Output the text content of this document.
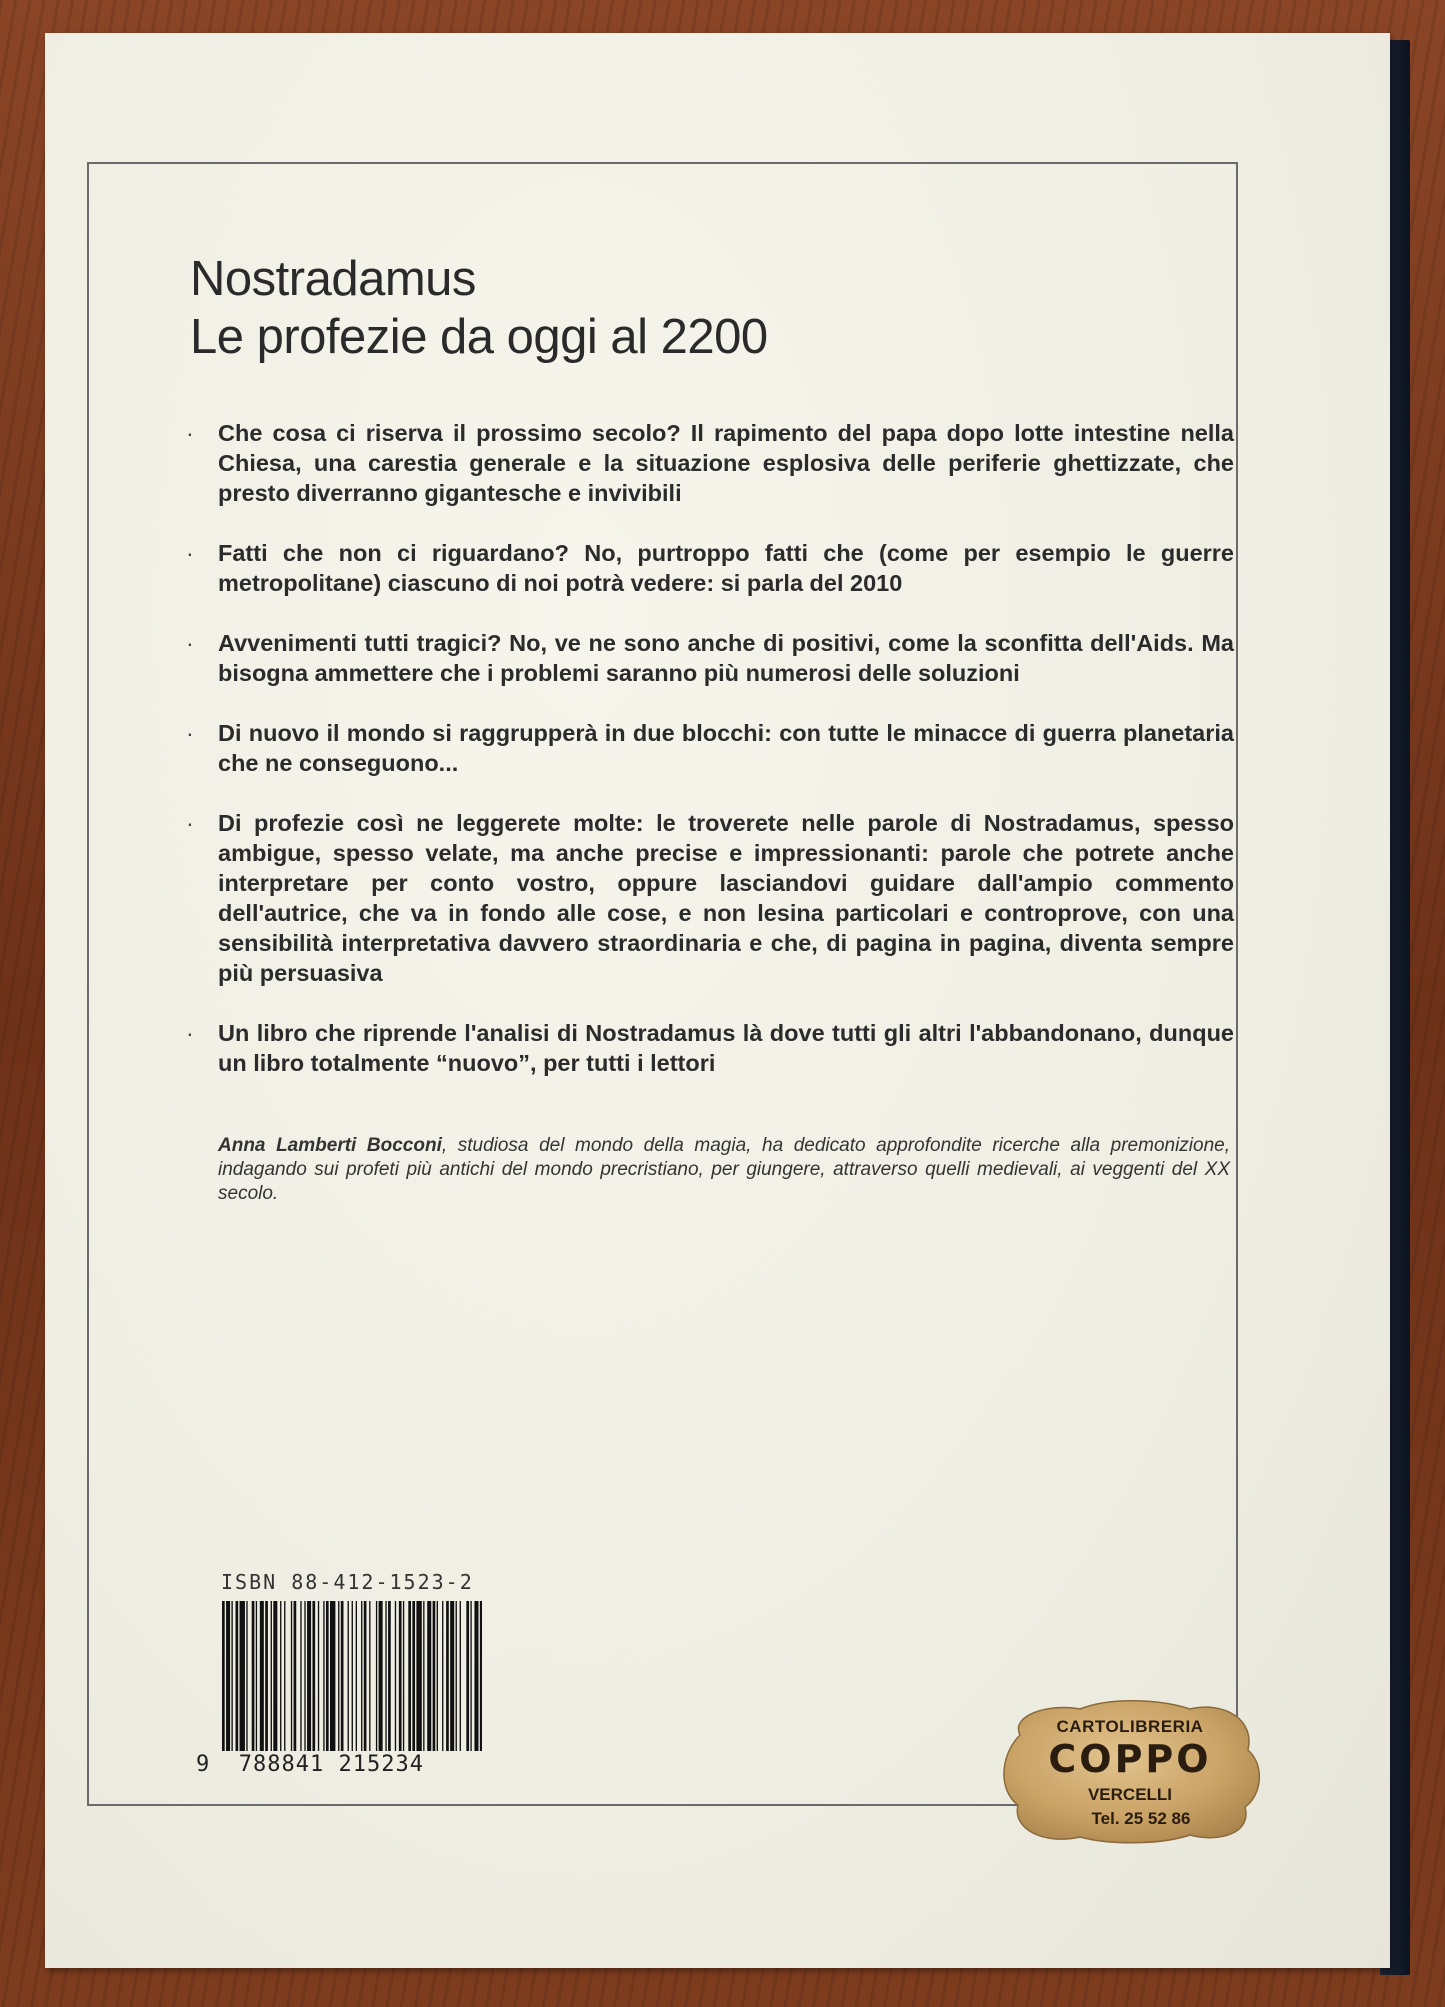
Nostradamus
Le profezie da oggi al 2200
· Che cosa ci riserva il prossimo secolo? Il rapimento del papa dopo lotte intestine nella Chiesa, una carestia generale e la situazione esplosiva delle periferie ghettizzate, che presto diverranno gigantesche e invivibili
· Fatti che non ci riguardano? No, purtroppo fatti che (come per esempio le guerre metropolitane) ciascuno di noi potrà vedere: si parla del 2010
· Avvenimenti tutti tragici? No, ve ne sono anche di positivi, come la sconfitta dell'Aids. Ma bisogna ammettere che i problemi saranno più numerosi delle soluzioni
· Di nuovo il mondo si raggrupperà in due blocchi: con tutte le minacce di guerra planetaria che ne conseguono...
· Di profezie così ne leggerete molte: le troverete nelle parole di Nostradamus, spesso ambigue, spesso velate, ma anche precise e impressionanti: parole che potrete anche interpretare per conto vostro, oppure lasciandovi guidare dall'ampio commento dell'autrice, che va in fondo alle cose, e non lesina particolari e controprove, con una sensibilità interpretativa davvero straordinaria e che, di pagina in pagina, diventa sempre più persuasiva
· Un libro che riprende l'analisi di Nostradamus là dove tutti gli altri l'abbandonano, dunque un libro totalmente “nuovo”, per tutti i lettori
Anna Lamberti Bocconi, studiosa del mondo della magia, ha dedicato approfondite ricerche alla premonizione, indagando sui profeti più antichi del mondo precristiano, per giungere, attraverso quelli medievali, ai veggenti del XX secolo.
ISBN 88-412-1523-2
9 788841 215234
CARTOLIBRERIA
COPPO
VERCELLI
Tel. 25 52 86
